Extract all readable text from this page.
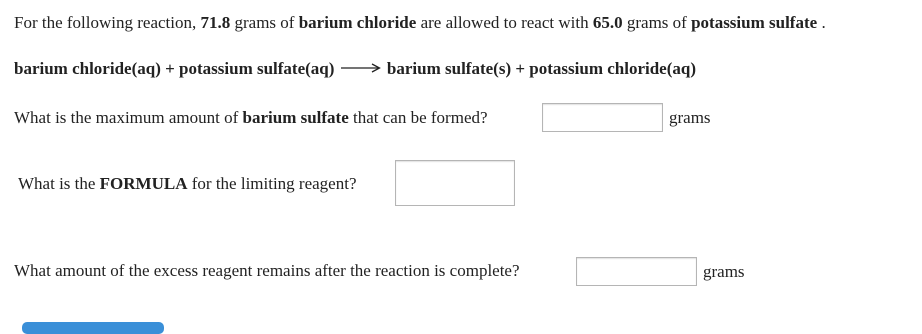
For the following reaction, 71.8 grams of barium chloride are allowed to react with 65.0 grams of potassium sulfate .
barium chloride(aq) + potassium sulfate(aq) → barium sulfate(s) + potassium chloride(aq)
What is the maximum amount of barium sulfate that can be formed?	grams
What is the FORMULA for the limiting reagent?
What amount of the excess reagent remains after the reaction is complete?	grams
